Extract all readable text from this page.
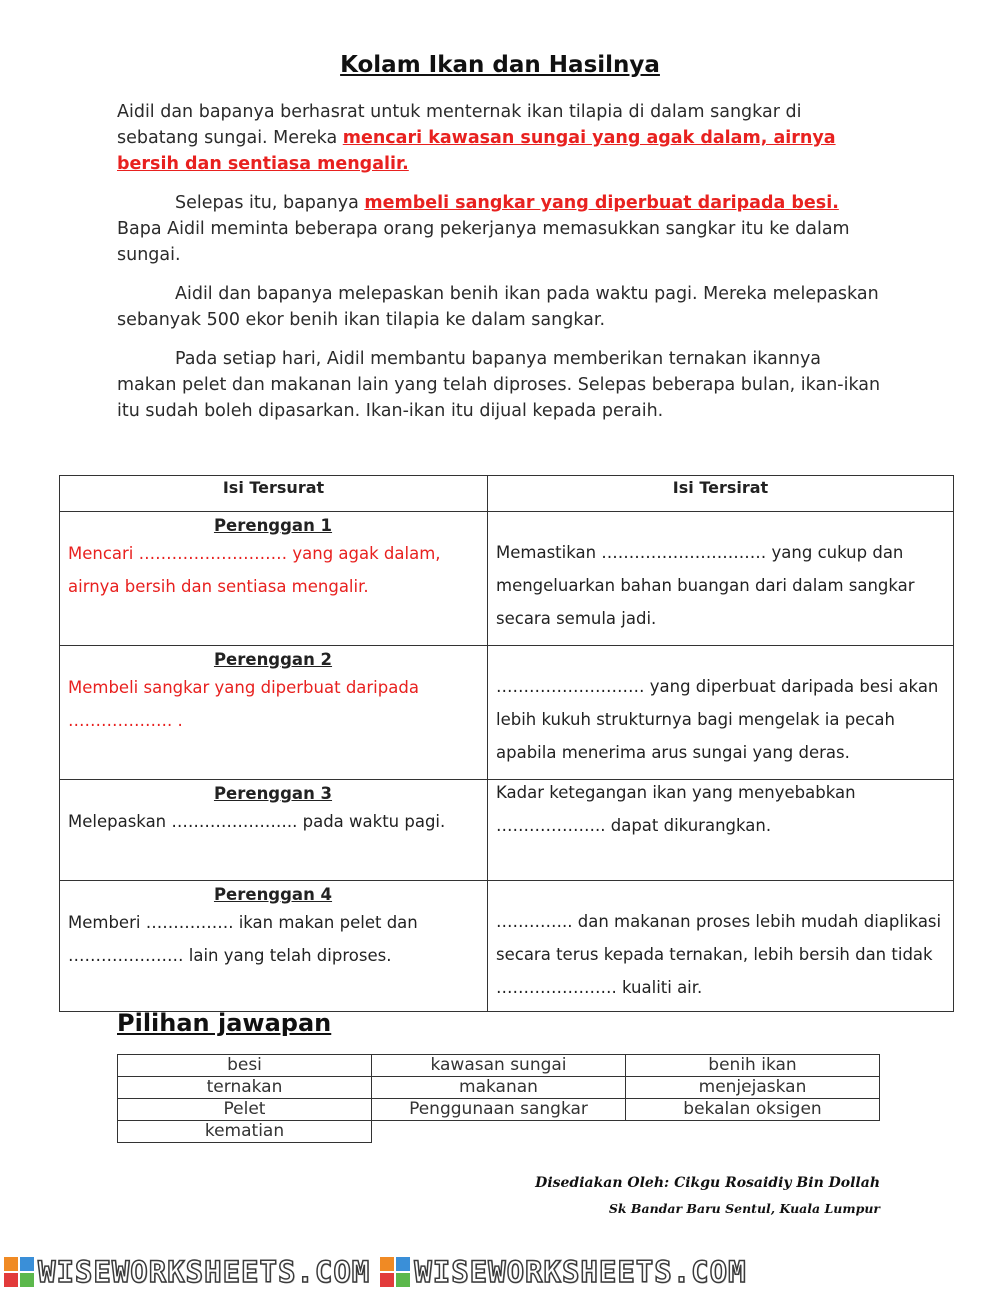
Kolam Ikan dan Hasilnya

Aidil dan bapanya berhasrat untuk menternak ikan tilapia di dalam sangkar di sebatang sungai. Mereka mencari kawasan sungai yang agak dalam, airnya bersih dan sentiasa mengalir.

Selepas itu, bapanya membeli sangkar yang diperbuat daripada besi. Bapa Aidil meminta beberapa orang pekerjanya memasukkan sangkar itu ke dalam sungai.

Aidil dan bapanya melepaskan benih ikan pada waktu pagi. Mereka melepaskan sebanyak 500 ekor benih ikan tilapia ke dalam sangkar.

Pada setiap hari, Aidil membantu bapanya memberikan ternakan ikannya makan pelet dan makanan lain yang telah diproses. Selepas beberapa bulan, ikan-ikan itu sudah boleh dipasarkan. Ikan-ikan itu dijual kepada peraih.

Isi Tersurat	Isi Tersirat

Perenggan 1
Mencari ……………………… yang agak dalam, airnya bersih dan sentiasa mengalir.	Memastikan ………………………… yang cukup dan mengeluarkan bahan buangan dari dalam sangkar secara semula jadi.

Perenggan 2
Membeli sangkar yang diperbuat daripada ………………. .	……………………… yang diperbuat daripada besi akan lebih kukuh strukturnya bagi mengelak ia pecah apabila menerima arus sungai yang deras.

Perenggan 3
Melepaskan ………………….. pada waktu pagi.	Kadar ketegangan ikan yang menyebabkan ……………….. dapat dikurangkan.

Perenggan 4
Memberi ……………. ikan makan pelet dan ………………… lain yang telah diproses.	………….. dan makanan proses lebih mudah diaplikasi secara terus kepada ternakan, lebih bersih dan tidak …………………. kualiti air.
Pilihan jawapan
besi	kawasan sungai	benih ikan
ternakan	makanan	menjejaskan
Pelet	Penggunaan sangkar	bekalan oksigen
kematian		
Disediakan Oleh: Cikgu Rosaidiy Bin Dollah
Sk Bandar Baru Sentul, Kuala Lumpur
WISEWORKSHEETS.COM WISEWORKSHEETS.COM
